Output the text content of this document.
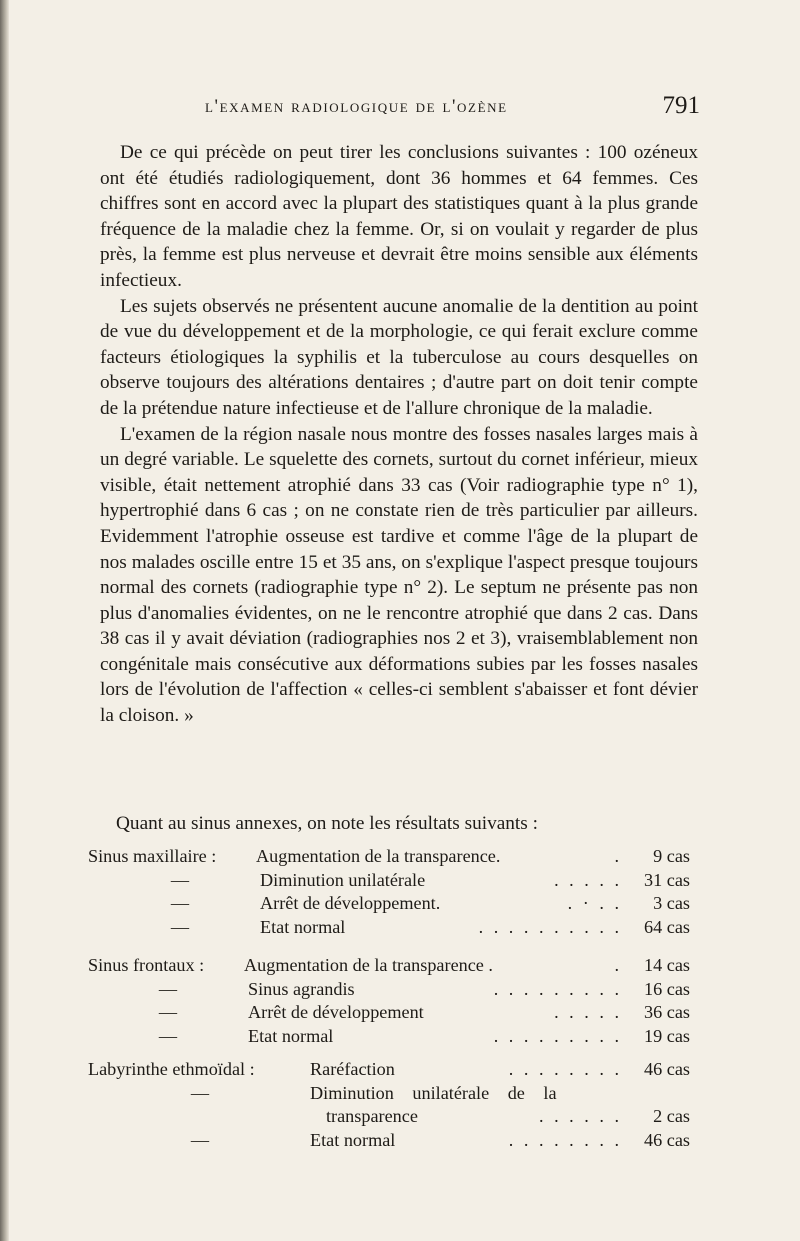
l'examen radiologique de l'ozène	791

De ce qui précède on peut tirer les conclusions suivantes : 100 ozéneux ont été étudiés radiologiquement, dont 36 hommes et 64 femmes. Ces chiffres sont en accord avec la plupart des statistiques quant à la plus grande fréquence de la maladie chez la femme. Or, si on voulait y regarder de plus près, la femme est plus nerveuse et devrait être moins sensible aux éléments infectieux.

Les sujets observés ne présentent aucune anomalie de la dentition au point de vue du développement et de la morphologie, ce qui ferait exclure comme facteurs étiologiques la syphilis et la tuberculose au cours desquelles on observe toujours des altérations dentaires ; d'autre part on doit tenir compte de la prétendue nature infectieuse et de l'allure chronique de la maladie.

L'examen de la région nasale nous montre des fosses nasales larges mais à un degré variable. Le squelette des cornets, surtout du cornet inférieur, mieux visible, était nettement atrophié dans 33 cas (Voir radiographie type n° 1), hypertrophié dans 6 cas ; on ne constate rien de très particulier par ailleurs. Evidemment l'atrophie osseuse est tardive et comme l'âge de la plupart de nos malades oscille entre 15 et 35 ans, on s'explique l'aspect presque toujours normal des cornets (radiographie type n° 2). Le septum ne présente pas non plus d'anomalies évidentes, on ne le rencontre atrophié que dans 2 cas. Dans 38 cas il y avait déviation (radiographies nos 2 et 3), vraisemblablement non congénitale mais consécutive aux déformations subies par les fosses nasales lors de l'évolution de l'affection « celles-ci semblent s'abaisser et font dévier la cloison. »

Quant au sinus annexes, on note les résultats suivants :
Sinus maxillaire : Augmentation de la transparence.	. 9 cas
—	Diminution unilatérale	. . . . . 31 cas
—	Arrêt de développement.	. · . . 3 cas
—	Etat normal	. . . . . . . . . . 64 cas
Sinus frontaux : Augmentation de la transparence .	. 14 cas
—	Sinus agrandis	. . . . . . . . . 16 cas
—	Arrêt de développement	. . . . . 36 cas
—	Etat normal	. . . . . . . . . 19 cas
Labyrinthe ethmoïdal :	Raréfaction	. . . . . . . . 46 cas
—	Diminution unilatérale de la
transparence	. . . . . . 2 cas
—	Etat normal	. . . . . . . . 46 cas
